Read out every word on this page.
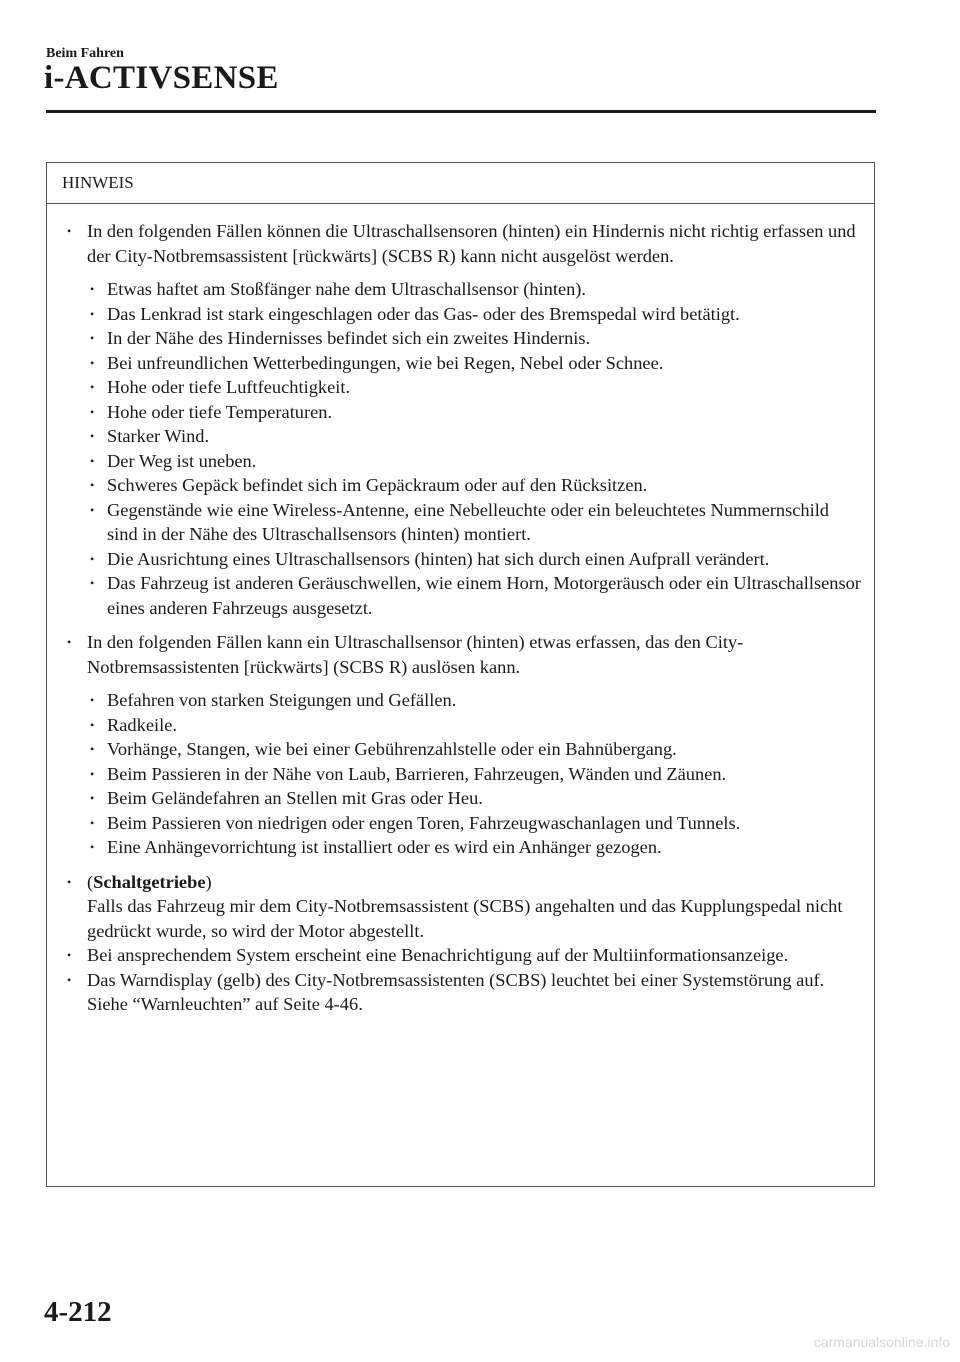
Beim Fahren
i-ACTIVSENSE
HINWEIS
• In den folgenden Fällen können die Ultraschallsensoren (hinten) ein Hindernis nicht richtig erfassen und der City-Notbremsassistent [rückwärts] (SCBS R) kann nicht ausgelöst werden.
• Etwas haftet am Stoßfänger nahe dem Ultraschallsensor (hinten).
• Das Lenkrad ist stark eingeschlagen oder das Gas- oder des Bremspedal wird betätigt.
• In der Nähe des Hindernisses befindet sich ein zweites Hindernis.
• Bei unfreundlichen Wetterbedingungen, wie bei Regen, Nebel oder Schnee.
• Hohe oder tiefe Luftfeuchtigkeit.
• Hohe oder tiefe Temperaturen.
• Starker Wind.
• Der Weg ist uneben.
• Schweres Gepäck befindet sich im Gepäckraum oder auf den Rücksitzen.
• Gegenstände wie eine Wireless-Antenne, eine Nebelleuchte oder ein beleuchtetes Nummernschild sind in der Nähe des Ultraschallsensors (hinten) montiert.
• Die Ausrichtung eines Ultraschallsensors (hinten) hat sich durch einen Aufprall verändert.
• Das Fahrzeug ist anderen Geräuschwellen, wie einem Horn, Motorgeräusch oder ein Ultraschallsensor eines anderen Fahrzeugs ausgesetzt.
• In den folgenden Fällen kann ein Ultraschallsensor (hinten) etwas erfassen, das den City-Notbremsassistenten [rückwärts] (SCBS R) auslösen kann.
• Befahren von starken Steigungen und Gefällen.
• Radkeile.
• Vorhänge, Stangen, wie bei einer Gebührenzahlstelle oder ein Bahnübergang.
• Beim Passieren in der Nähe von Laub, Barrieren, Fahrzeugen, Wänden und Zäunen.
• Beim Geländefahren an Stellen mit Gras oder Heu.
• Beim Passieren von niedrigen oder engen Toren, Fahrzeugwaschanlagen und Tunnels.
• Eine Anhängevorrichtung ist installiert oder es wird ein Anhänger gezogen.
• (Schaltgetriebe)
Falls das Fahrzeug mir dem City-Notbremsassistent (SCBS) angehalten und das Kupplungspedal nicht gedrückt wurde, so wird der Motor abgestellt.
• Bei ansprechendem System erscheint eine Benachrichtigung auf der Multiinformationsanzeige.
• Das Warndisplay (gelb) des City-Notbremsassistenten (SCBS) leuchtet bei einer Systemstörung auf.
Siehe “Warnleuchten” auf Seite 4-46.
4-212
carmanualsonline.info
